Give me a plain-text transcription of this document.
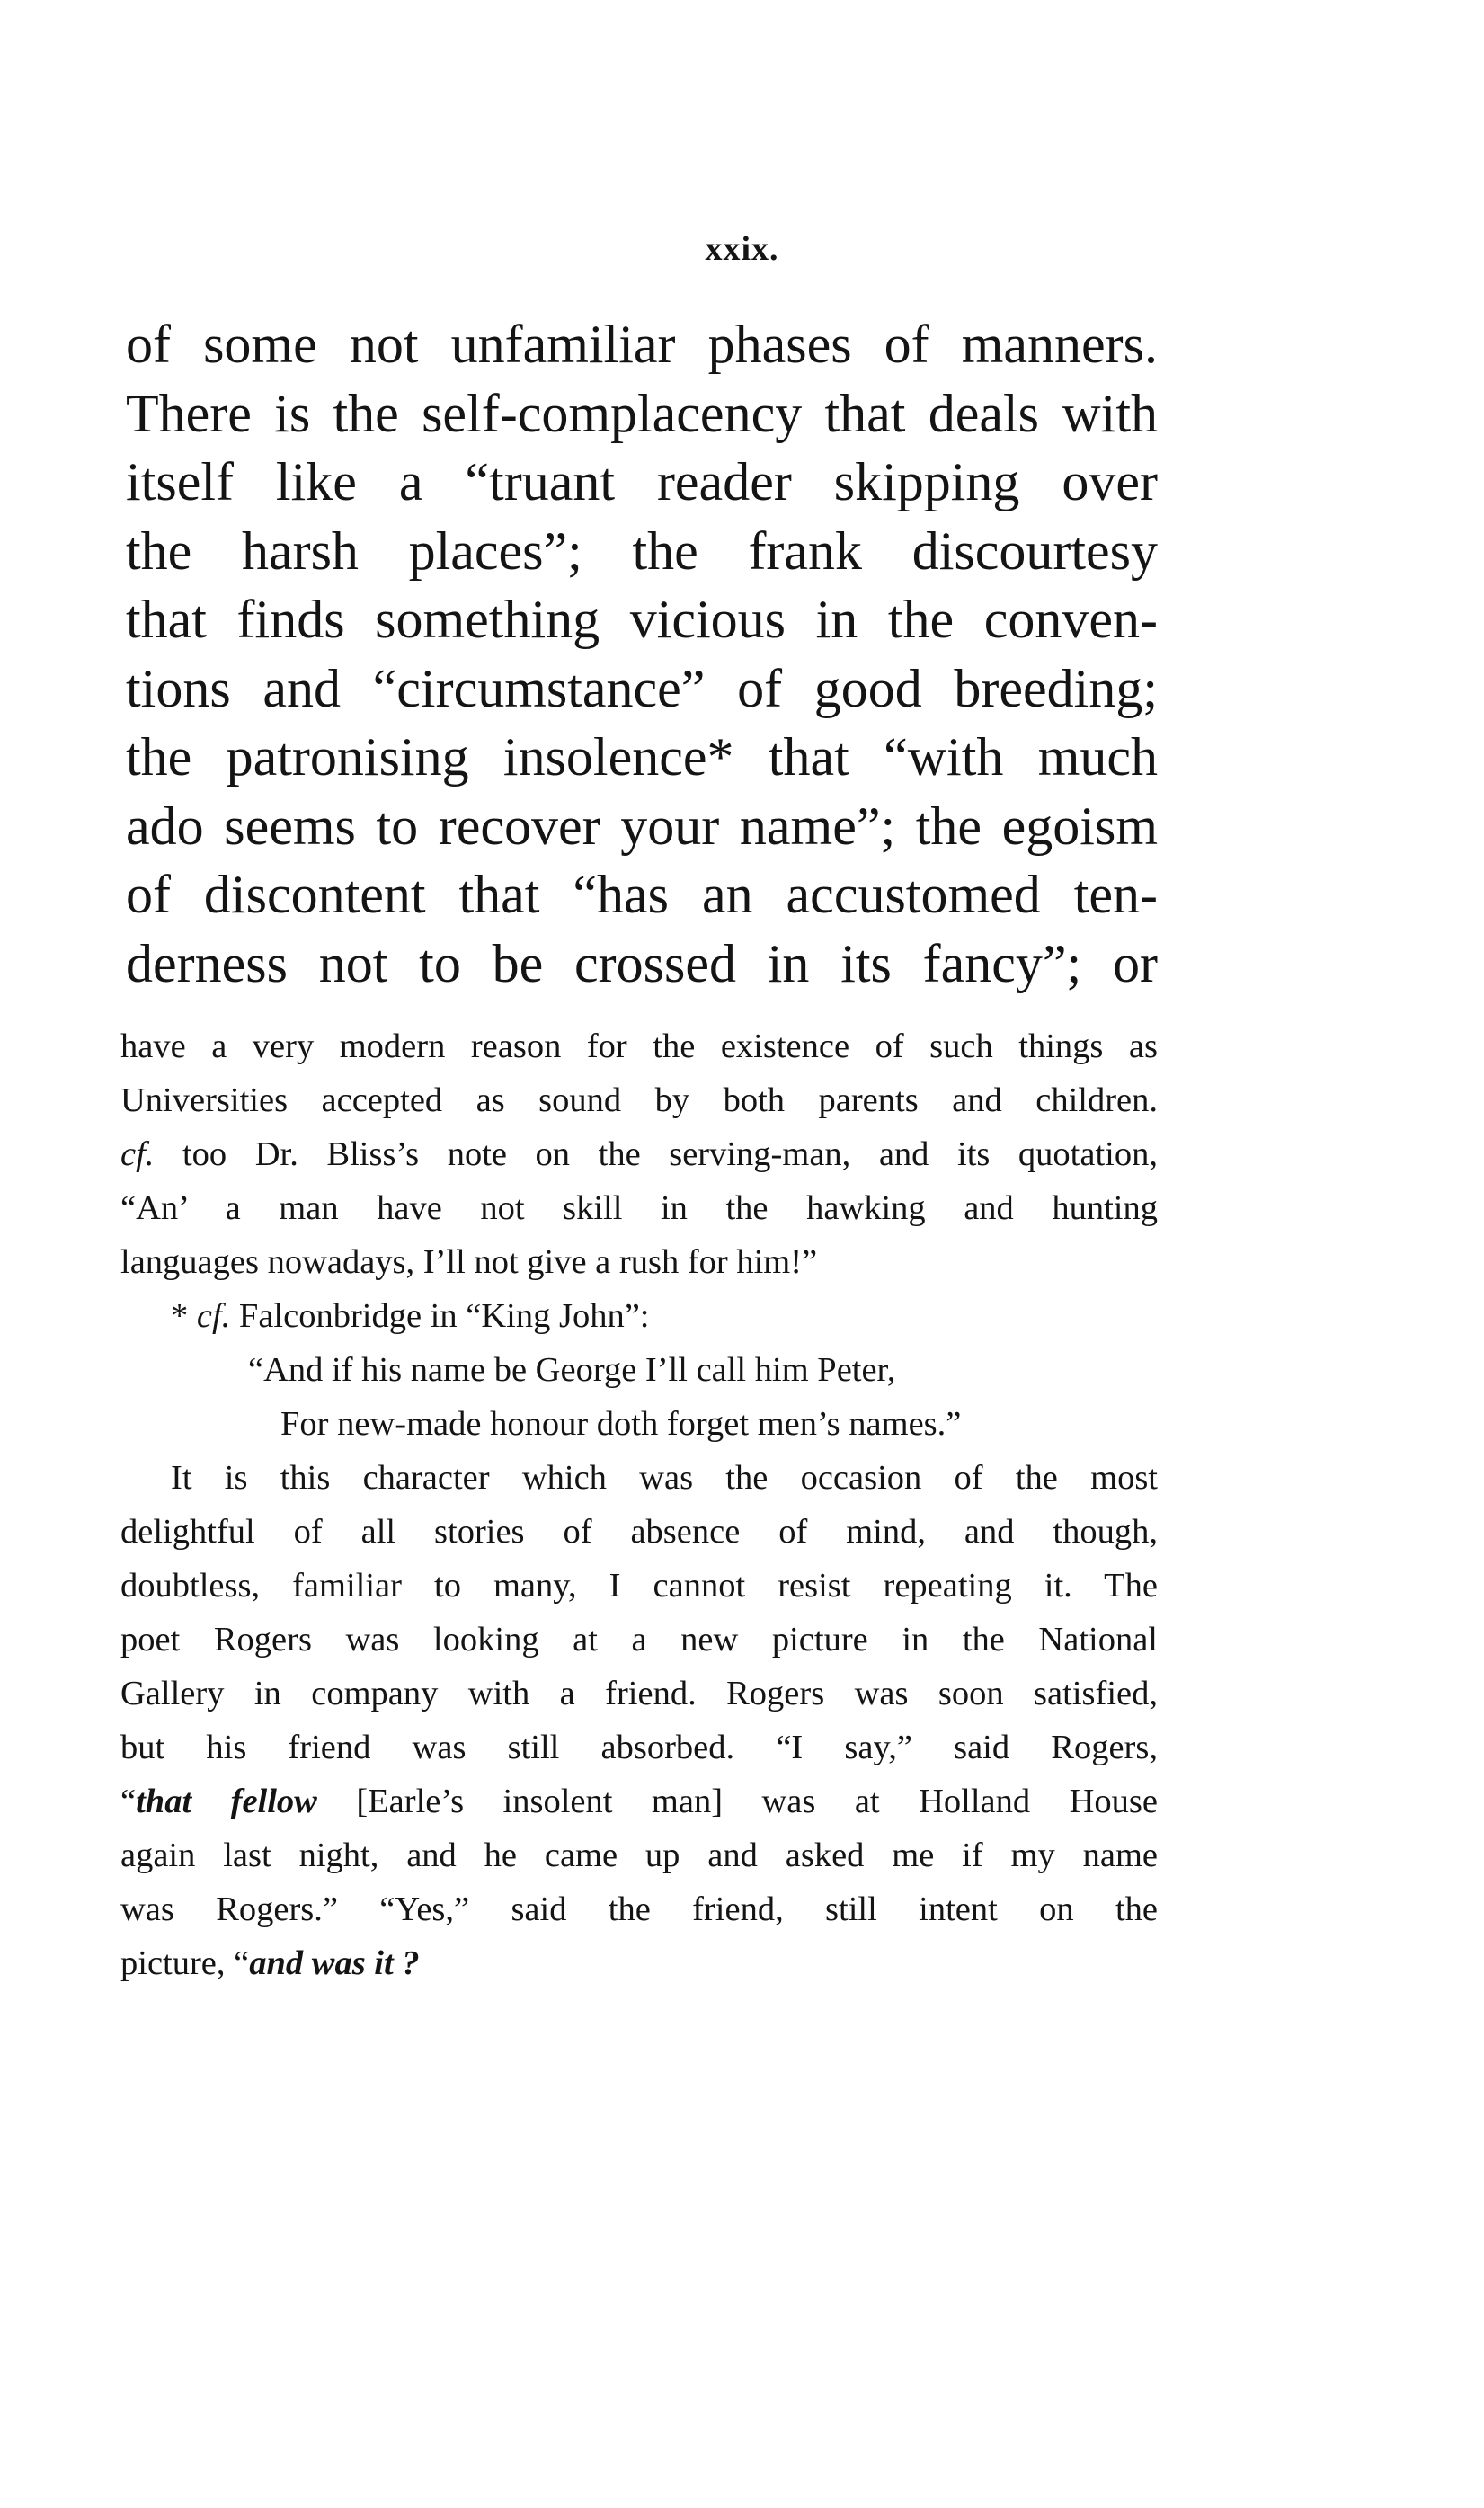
xxix.
of some not unfamiliar phases of manners.
There is the self-complacency that deals with
itself like a “truant reader skipping over
the harsh places”; the frank discourtesy
that finds something vicious in the conven-
tions and “circumstance” of good breeding;
the patronising insolence* that “with much
ado seems to recover your name”; the egoism
of discontent that “has an accustomed ten-
derness not to be crossed in its fancy”; or
have a very modern reason for the existence of such things as
Universities accepted as sound by both parents and children.
cf. too Dr. Bliss’s note on the serving-man, and its quotation,
“An’ a man have not skill in the hawking and hunting
languages nowadays, I’ll not give a rush for him!”
* cf. Falconbridge in “King John”:
“And if his name be George I’ll call him Peter,
For new-made honour doth forget men’s names.”
It is this character which was the occasion of the most
delightful of all stories of absence of mind, and though,
doubtless, familiar to many, I cannot resist repeating it. The
poet Rogers was looking at a new picture in the National
Gallery in company with a friend. Rogers was soon satisfied,
but his friend was still absorbed. “I say,” said Rogers,
“that fellow [Earle’s insolent man] was at Holland House
again last night, and he came up and asked me if my name
was Rogers.” “Yes,” said the friend, still intent on the
picture, “and was it ?
